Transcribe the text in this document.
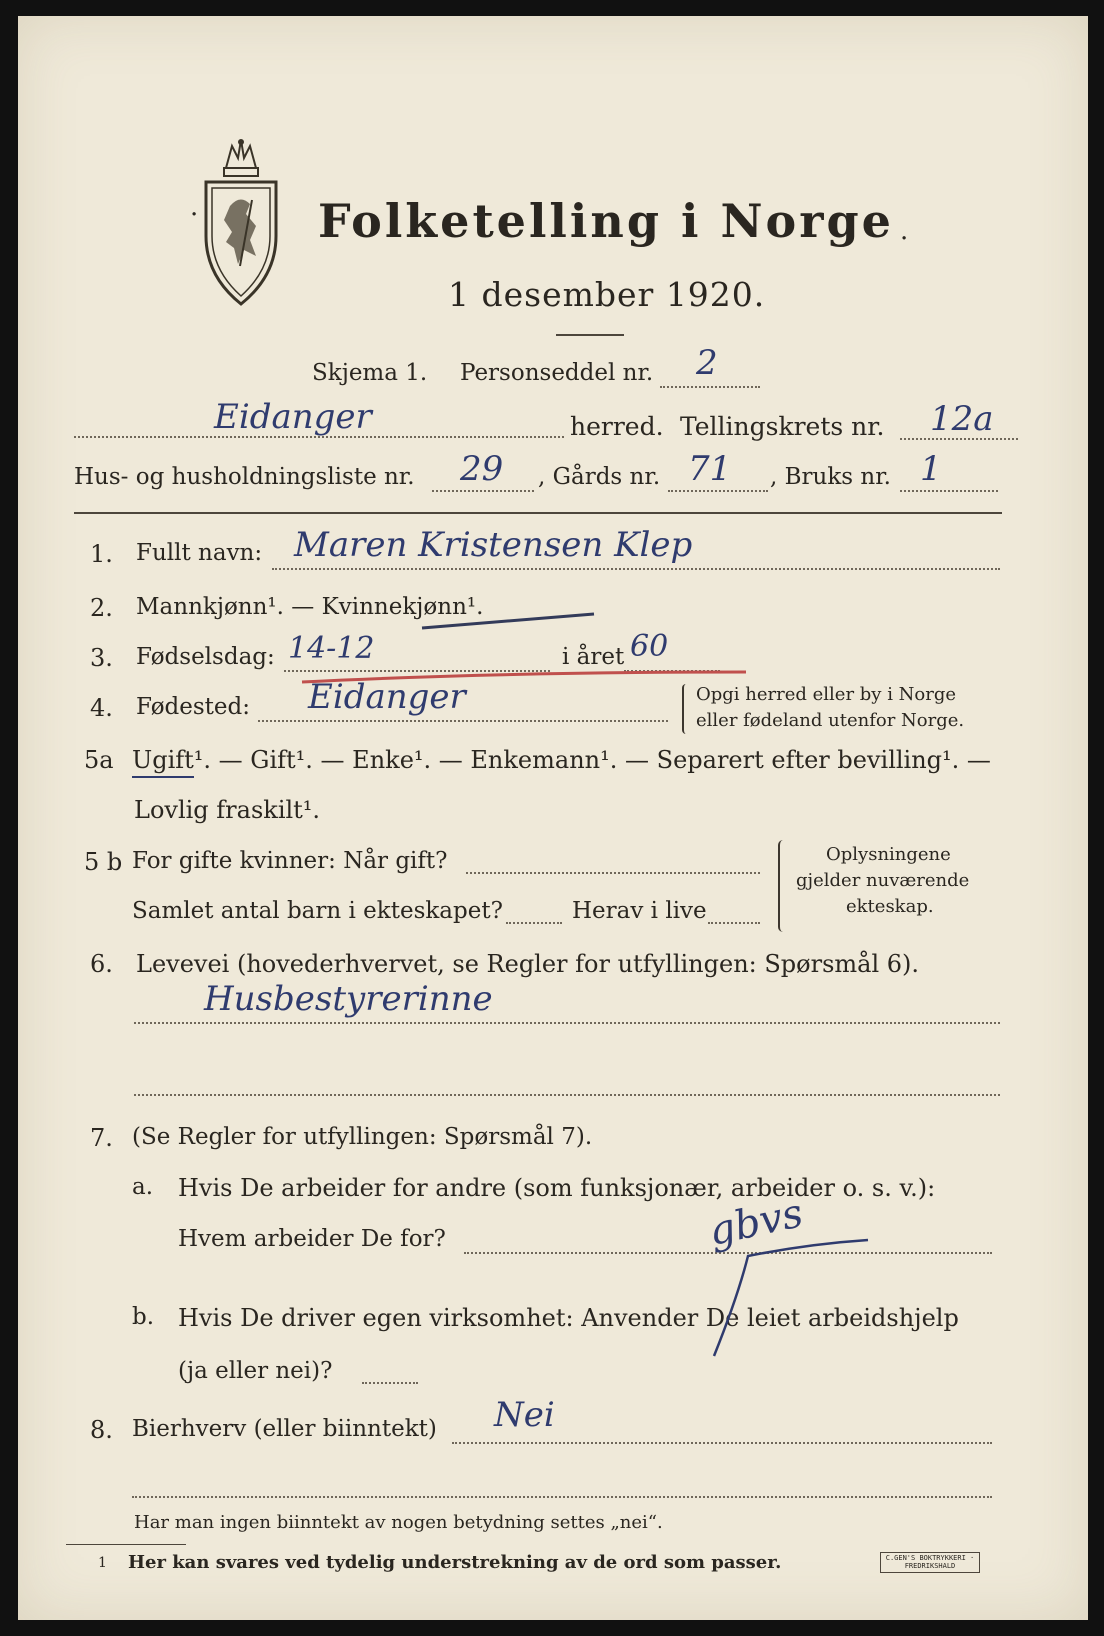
Folketelling i Norge
·
·
1 desember 1920.
Skjema 1. Personseddel nr. 2
Eidanger	herred. Tellingskrets nr. 12a
Hus- og husholdningsliste nr. 29 , Gårds nr. 71 , Bruks nr. 1
1. Fullt navn: Maren Kristensen Klep
2. Mannkjønn¹. — Kvinnekjønn¹.
3. Fødselsdag: 14-12	i året 60
4. Fødested: Eidanger	Opgi herred eller by i Norge
eller fødeland utenfor Norge.
5a Ugift¹. — Gift¹. — Enke¹. — Enkemann¹. — Separert efter bevilling¹. —
Lovlig fraskilt¹.
5 b For gifte kvinner: Når gift?
Samlet antal barn i ekteskapet?	Herav i live
Oplysningene
gjelder nuværende
ekteskap.
6. Levevei (hovederhvervet, se Regler for utfyllingen: Spørsmål 6).
Husbestyrerinne
7. (Se Regler for utfyllingen: Spørsmål 7).
a. Hvis De arbeider for andre (som funksjonær, arbeider o. s. v.):
Hvem arbeider De for?
b. Hvis De driver egen virksomhet: Anvender De leiet arbeidshjelp
(ja eller nei)?
gbvs
8. Bierhverv (eller biinntekt) Nei
Har man ingen biinntekt av nogen betydning settes „nei“.
1 Her kan svares ved tydelig understrekning av de ord som passer.	C.GEN'S BOKTRYKKERI · FREDRIKSHALD
